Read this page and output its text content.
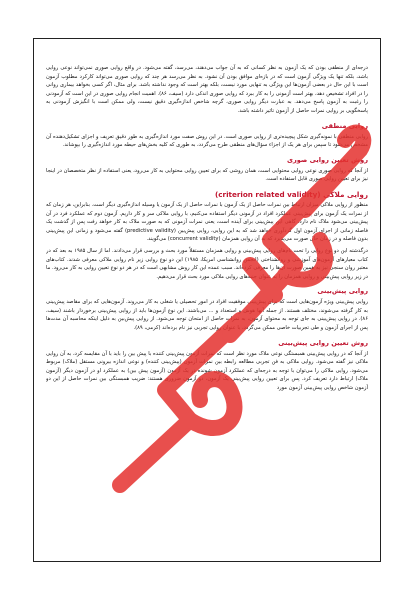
درجه‌ای از منطقی بودن که یک آزمون به نظر کسانی که به آن جواب می‌دهند، می‌رسد، گفته می‌شود. در واقع روایی صوری نمی‌تواند نوعی روایی باشد، بلکه تنها یک ویژگی آزمون است که در بازه‌ای موافق بودن آن نشود. به نظر می‌رسد هر چند که روایی صوری می‌تواند کارکرد مطلوب آزمون است با این حال در بعضی آزمون‌ها این ویژگی به تنهایی مورد نیست، بلکه بهتر است که وجود نداشته باشد. برای مثال، اگر کسی بخواهد بیماری روانی را در افراد تشخیص دهد، بهتر است آزمونی را به کار ببرد که روایی صوری اندکی دارد (سیف، ۸۶). اهمیت انجام روایی صوری در این است که آزمودنی را رغبت به آزمون پاسخ می‌دهد. به عبارت دیگر روایی صوری، گرچه شاخص اندازه‌گیری دقیق نیست، ولی ممکن است با انگیزش آزمودنی به پاسخگویی بر روایی نمرات حاصل از آزمون تاثیر داشته باشد.

روایی منطقی

روایی منطقی با نمونه‌گیری شکل پیچیده‌تری از روایی صوری است. در این روش صفت مورد اندازه‌گیری به طور دقیق تعریف و اجزای تشکیل‌دهنده آن مشخص می‌شود تا سپس برای هر یک از اجزاء سؤال‌های منطقی طرح می‌گردد، به طوری که کلیه بخش‌های حیطه مورد اندازه‌گیری را بپوشاند.

روش تعیین روایی صوری

از آنجا که روایی صوری نوعی روایی محتوایی است، همان روشی که برای تعیین روایی محتوایی به کار می‌رود، یعنی استفاده از نظر متخصصان در اینجا نیز برای تعیین روایی صوری قابل استفاده است.

روایی ملاکی (criterion related validity)

منظور از روایی ملاکی میزان ارتباط بین نمرات حاصل از یک آزمون با نمرات حاصل از یک آزمون یا وسیله اندازه‌گیری دیگر است. بنابراین، هر زمان که از نمرات یک آزمون برای پیش‌بینی عملکرد افراد در آزمونی دیگر استفاده می‌کنیم، با روایی ملاکی سر و کار داریم. آزمون دوم که عملکرد فرد در آن پیش‌بینی می‌شود ملاک نام دارد. گاهی این پیش‌بینی برای آینده است، یعنی نمرات آزمونی که به صورت ملاک به کار خواهد رفت پس از گذشت یک فاصله زمانی از اجرای آزمون اول گردآوری خواهد شد که به این روایی، روایی پیش‌بین (predictive validity) گفته می‌شود و زمانی این پیش‌بینی بدون فاصله و در زمان حال صورت می‌پذیرد که به آن روایی همزمان (concurrent validity) می‌گویند.

درگذشته این دو نوع روایی را تحت نام‌های روایی پیش‌بینی و روایی همزمان مستقلاً مورد بحث و بررسی قرار می‌دادند. اما از سال ۱۹۸۵ به بعد که در کتاب معیارهای آزمون‌های آموزشی و روانشناختی (انجمن روانشناسی امریکا، ۱۹۸۵) این دو نوع روایی زیر نام روایی ملاکی معرفی شدند. کتاب‌های معتبر روان سنجی نیز به همین صورت آن‌ها را معرفی کرده‌اند. سبب عمده این کار روش مشابهی است که در هر دو نوع تعیین روایی به کار می‌رود. ما در زیر روایی پیش‌بینی و روایی همزمان را به عنوان جنبه‌های روایی ملاکی مورد بحث قرار می‌دهیم.

روایی پیش‌بینی

روایی پیش‌بینی ویژه آزمون‌هایی است که برای پیش‌بینی موفقیت افراد در امور تحصیلی یا شغلی به کار می‌روند. آزمون‌هایی که برای مقاصد پیش‌بینی به کار گرفته می‌شوند، مختلف هستند. از جمله آنها هوش و استعداد و ... می‌باشند. این نوع آزمون‌ها باید از روایی پیش‌بینی برخوردار باشند (سیف، ۸۶). در روایی پیش‌بینی به جای توجه به محتوای آزمون، به نمرات حاصل از امتحان توجه می‌شود. از روایی پیش‌بین به دلیل اینکه محاسبه آن مدت‌ها پس از اجرای آزمون و طی تجربیات خاصی ممکن می‌گردد، با عنوان روایی تجربی نیز نام برده‌اند (کرمی، ۸۹).

روش تعیین روایی پیش‌بینی

از آنجا که در روایی پیش‌بینی همبستگی نوعی ملاک مورد نظر است که نمرات آزمون پیش‌بینی کننده با پیش بین را باید با آن مقایسه کرد، به آن روایی ملاکی نیز گفته می‌شود. روایی ملاکی به فن تجربی مطالعه رابطه بین نمرات آزمون (پیش‌بینی کننده) و نوعی اندازه بیرونی مستقل (ملاک) مربوط می‌شود. روایی ملاکی را می‌توان با توجه به درجه‌ای که عملکرد آزمون شونده در یک آزمون (آزمون پیش بین) به عملکرد او در آزمون دیگر (آزمون ملاک) ارتباط دارد تعریف کرد. پس برای تعیین روایی پیش‌بینی یک آزمون، دو آزمون ضروری هستند: ضریب همبستگی بین نمرات حاصل از این دو آزمون شاخص روایی پیش‌بینی آزمون مورد
